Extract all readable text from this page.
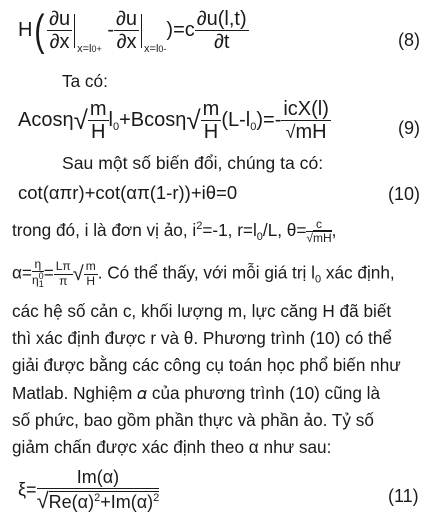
$H( \frac{\partial u}{\partial x} _{x=l0+} - \frac{\partial u}{\partial x} _{x=l0-})=c \frac{\partial u(l,t)}{\partial t}$	(8)
Ta có:
$Acos\eta√ \frac{m}{H} l_0+Bcos\eta√ \frac{m}{H} (L-l_0)=- \frac{\text{icX(l)}}{√mH}$	(9)
Sau một số biến đổi, chúng ta có:
cot(απr)+cot(απ(1-r))+iθ=0	(10)
trong đó, i là đơn vị ảo, $i^2=-1$, $r=l_0/L$, $\theta= \frac{c}{√mH}$ ,
$\alpha= \frac{\eta}{\eta^0_1} = \frac{L\pi}{\pi}$ √ $\frac{m}{H}$ . Có thể thấy, với mỗi giá trị $l_0$ xác định,
các hệ số cản c, khối lượng m, lực căng H đã biết
thì xác định được r và θ. Phương trình (10) có thể
giải được bằng các công cụ toán học phổ biến như
Matlab. Nghiệm 𝛼 của phương trình (10) cũng là
số phức, bao gồm phần thực và phần ảo. Tỷ số
giảm chấn được xác định theo α như sau:
$\xi= \frac{Im(\alpha)}{√Re(\alpha)^2+Im(\alpha)^2}$	(11)
